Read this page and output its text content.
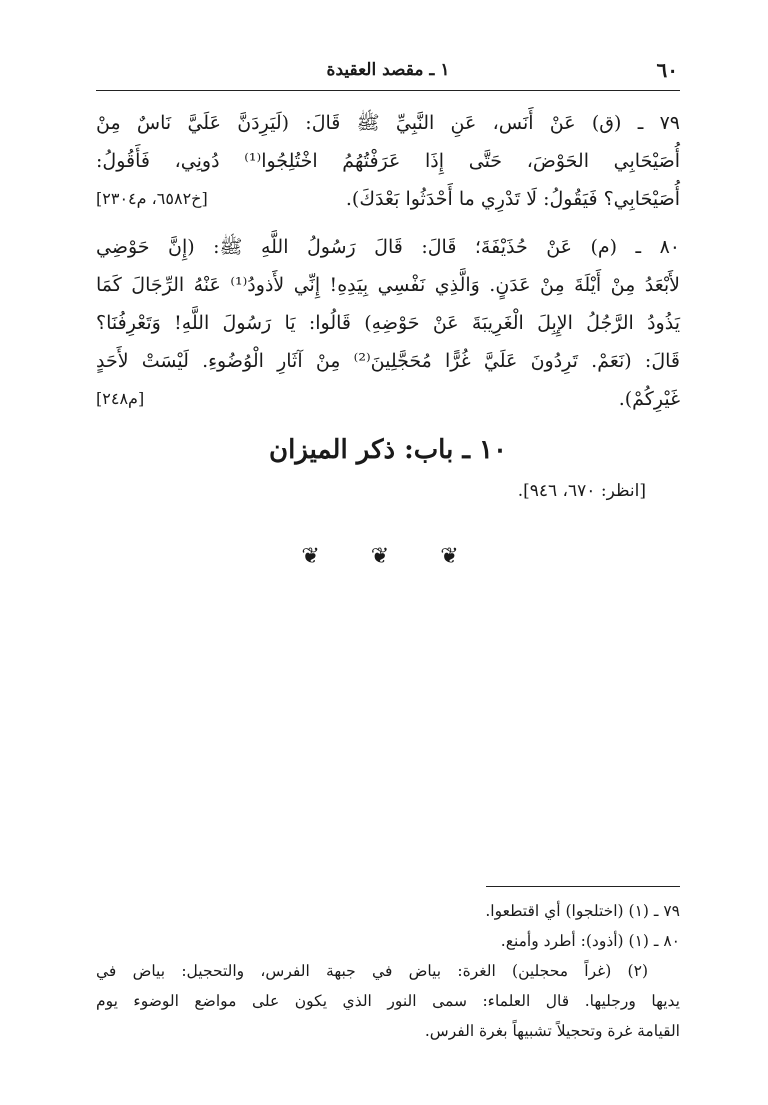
٦٠
١ ـ مقصد العقيدة

٧٩ ـ (ق) عَنْ أَنَس، عَنِ النَّبِيِّ ﷺ قَالَ: (لَيَرِدَنَّ عَلَيَّ نَاسٌ مِنْ

أُصَيْحَابِي الحَوْضَ، حَتَّى إِذَا عَرَفْتُهُمُ اخْتُلِجُوا⁽¹⁾ دُونِي، فَأَقُولُ:

أُصَيْحَابِي؟ فَيَقُولُ: لَا تَدْرِي ما أَحْدَثُوا بَعْدَكَ).
[خ٦٥٨٢، م٢٣٠٤]

٨٠ ـ (م) عَنْ حُذَيْفَةَ؛ قَالَ: قَالَ رَسُولُ اللَّهِ ﷺ: (إِنَّ حَوْضِي

لأَبْعَدُ مِنْ أَيْلَةَ مِنْ عَدَنٍ. وَالَّذِي نَفْسِي بِيَدِهِ! إِنِّي لأَذودُ⁽¹⁾ عَنْهُ الرِّجَالَ كَمَا

يَذُودُ الرَّجُلُ الإِبِلَ الْغَرِيبَةَ عَنْ حَوْضِهِ) قَالُوا: يَا رَسُولَ اللَّهِ! وَتَعْرِفُنَا؟

قَالَ: (نَعَمْ. تَرِدُونَ عَلَيَّ غُرًّا مُحَجَّلِينَ⁽²⁾ مِنْ آثَارِ الْوُضُوءِ. لَيْسَتْ لأَحَدٍ

غَيْرِكُمْ).
[م٢٤٨]

١٠ ـ باب: ذكر الميزان
[انظر: ٦٧٠، ٩٤٦].
❦ ❦ ❦

٧٩ ـ (١) (اختلجوا) أي اقتطعوا.

٨٠ ـ (١) (أذود): أطرد وأمنع.

(٢) (غراً محجلين) الغرة: بياض في جبهة الفرس، والتحجيل: بياض في

يديها ورجليها. قال العلماء: سمى النور الذي يكون على مواضع الوضوء يوم

القيامة غرة وتحجيلاً تشبيهاً بغرة الفرس.
